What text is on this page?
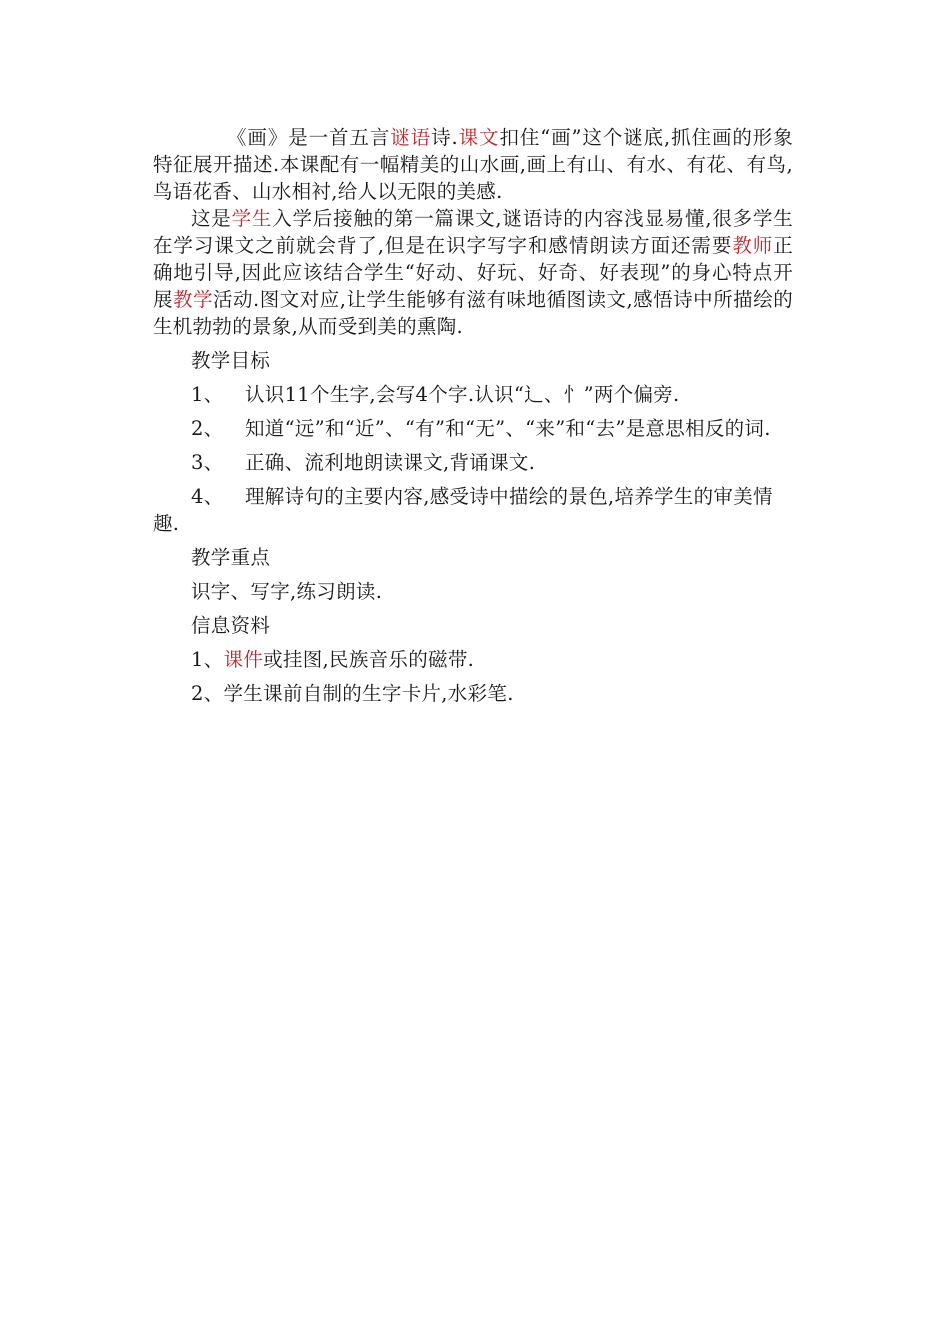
《画》是一首五言谜语诗.课文扣住“画”这个谜底,抓住画的形象特征展开描述.本课配有一幅精美的山水画,画上有山、有水、有花、有鸟,鸟语花香、山水相衬,给人以无限的美感.

这是学生入学后接触的第一篇课文,谜语诗的内容浅显易懂,很多学生在学习课文之前就会背了,但是在识字写字和感情朗读方面还需要教师正确地引导,因此应该结合学生“好动、好玩、好奇、好表现”的身心特点开展教学活动.图文对应,让学生能够有滋有味地循图读文,感悟诗中所描绘的生机勃勃的景象,从而受到美的熏陶.

教学目标

1、 认识11个生字,会写4个字.认识“辶、忄”两个偏旁.

2、 知道“远”和“近”、“有”和“无”、“来”和“去”是意思相反的词.

3、 正确、流利地朗读课文,背诵课文.

4、 理解诗句的主要内容,感受诗中描绘的景色,培养学生的审美情趣.

教学重点

识字、写字,练习朗读.

信息资料

1、课件或挂图,民族音乐的磁带.

2、学生课前自制的生字卡片,水彩笔.
